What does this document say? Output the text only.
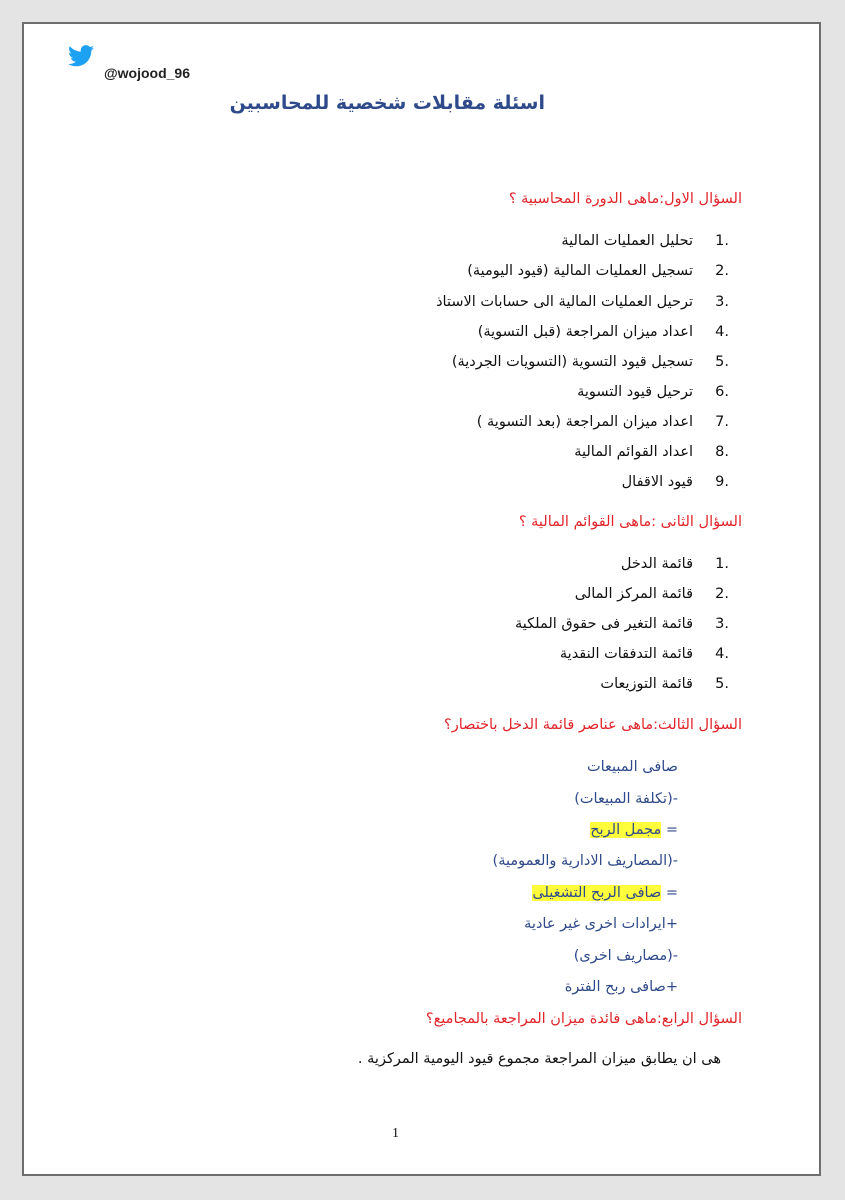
@wojood_96
اسئلة مقابلات شخصية للمحاسبين
السؤال الاول:ماهى الدورة المحاسبية ؟
1.
تحليل العمليات المالية
2.
تسجيل العمليات المالية (قيود اليومية)
3.
ترحيل العمليات المالية الى حسابات الاستاذ
4.
اعداد ميزان المراجعة (قبل التسوية)
5.
تسجيل قيود التسوية (التسويات الجردية)
6.
ترحيل قيود التسوية
7.
اعداد ميزان المراجعة (بعد التسوية )
8.
اعداد القوائم المالية
9.
قيود الاقفال
السؤال الثانى :ماهى القوائم المالية ؟
1.
قائمة الدخل
2.
قائمة المركز المالى
3.
قائمة التغير فى حقوق الملكية
4.
قائمة التدفقات النقدية
5.
قائمة التوزيعات
السؤال الثالث:ماهى عناصر قائمة الدخل باختصار؟
صافى المبيعات
-(تكلفة المبيعات)
= مجمل الربح
-(المصاريف الادارية والعمومية)
= صافى الربح التشغيلى
+ايرادات اخرى غير عادية
-(مصاريف اخرى)
+صافى ربح الفترة
السؤال الرابع:ماهى فائدة ميزان المراجعة بالمجاميع؟
هى ان يطابق ميزان المراجعة مجموع قيود اليومية المركزية .
1
